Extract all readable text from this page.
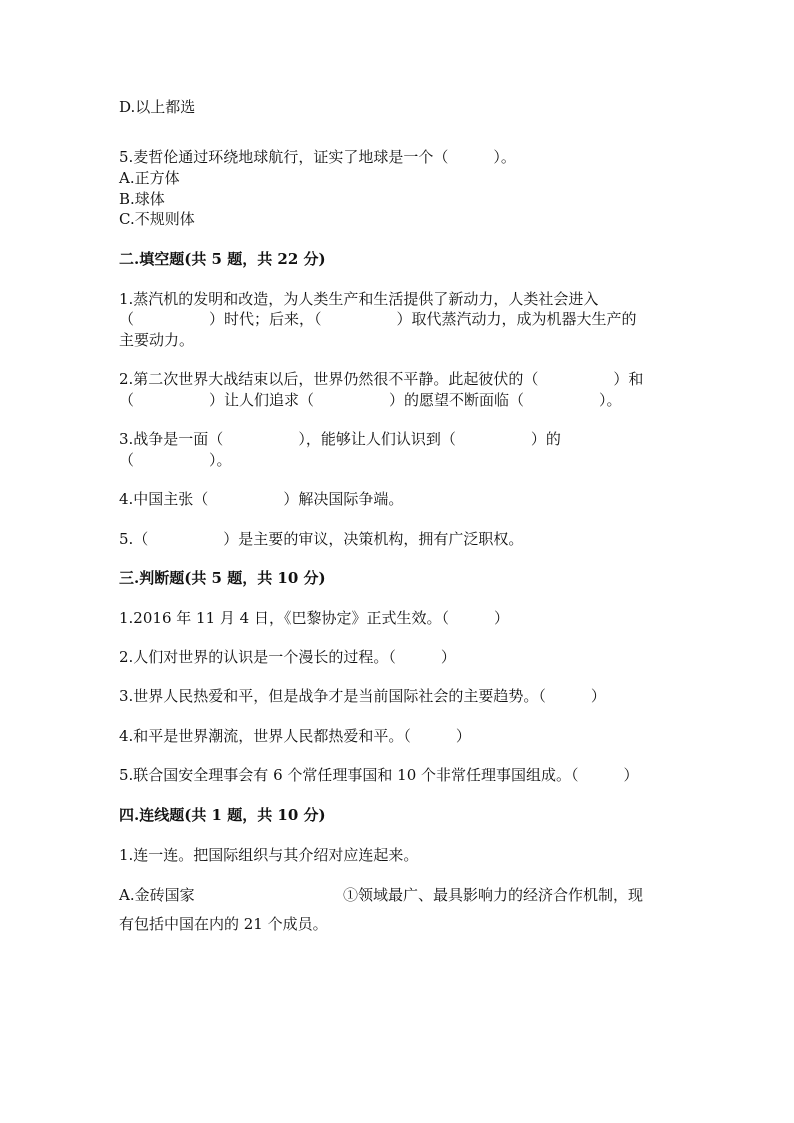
D.以上都选
5.麦哲伦通过环绕地球航行，证实了地球是一个（　　　）。
A.正方体
B.球体
C.不规则体
二.填空题(共 5 题，共 22 分)
1.蒸汽机的发明和改造，为人类生产和生活提供了新动力，人类社会进入
（　　　　　）时代；后来，（　　　　　）取代蒸汽动力，成为机器大生产的
主要动力。
2.第二次世界大战结束以后，世界仍然很不平静。此起彼伏的（　　　　　）和
（　　　　　）让人们追求（　　　　　）的愿望不断面临（　　　　　）。
3.战争是一面（　　　　　），能够让人们认识到（　　　　　）的
（　　　　　）。
4.中国主张（　　　　　）解决国际争端。
5.（　　　　　）是主要的审议，决策机构，拥有广泛职权。
三.判断题(共 5 题，共 10 分)
1.2016 年 11 月 4 日，《巴黎协定》正式生效。（　　　）
2.人们对世界的认识是一个漫长的过程。（　　　）
3.世界人民热爱和平，但是战争才是当前国际社会的主要趋势。（　　　）
4.和平是世界潮流，世界人民都热爱和平。（　　　）
5.联合国安全理事会有 6 个常任理事国和 10 个非常任理事国组成。（　　　）
四.连线题(共 1 题，共 10 分)
1.连一连。把国际组织与其介绍对应连起来。
A.金砖国家	①领域最广、最具影响力的经济合作机制，现
有包括中国在内的 21 个成员。
